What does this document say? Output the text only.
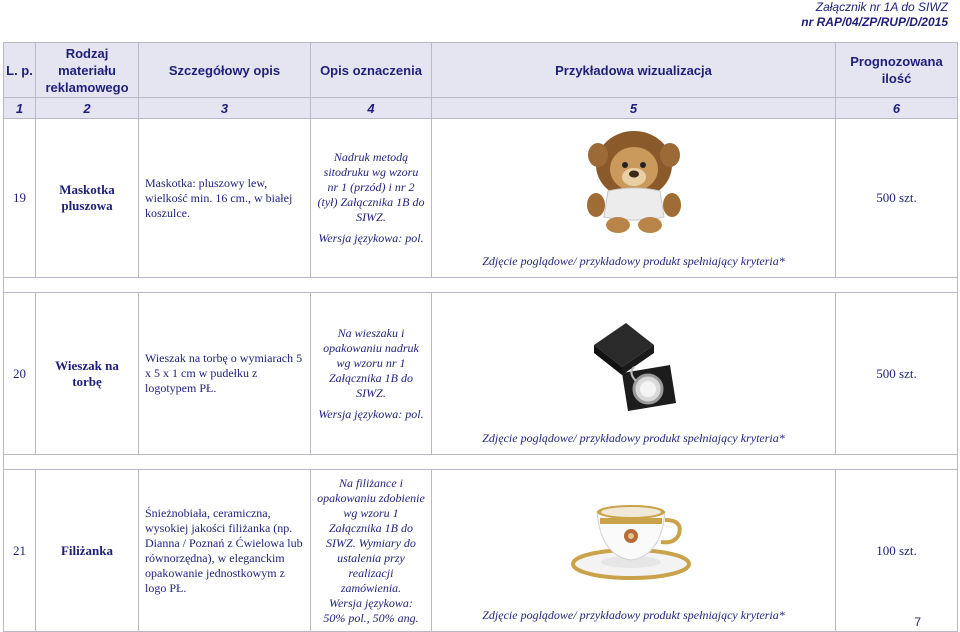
Załącznik nr 1A do SIWZ
nr RAP/04/ZP/RUP/D/2015
L. p.	Rodzaj materiału reklamowego	Szczegółowy opis	Opis oznaczenia	Przykładowa wizualizacja	Prognozowana ilość
1	2	3	4	5	6
19	Maskotka pluszowa	Maskotka: pluszowy lew, wielkość min. 16 cm., w białej koszulce.	Nadruk metodą sitodruku wg wzoru nr 1 (przód) i nr 2 (tył) Załącznika 1B do SIWZ.
Wersja językowa: pol.	Zdjęcie poglądowe/ przykładowy produkt spełniający kryteria*	500 szt.

20	Wieszak na torbę	Wieszak na torbę o wymiarach 5 x 5 x 1 cm w pudełku z logotypem PŁ.	Na wieszaku i opakowaniu nadruk wg wzoru nr 1 Załącznika 1B do SIWZ.
Wersja językowa: pol.	Zdjęcie poglądowe/ przykładowy produkt spełniający kryteria*	500 szt.

21	Filiżanka	Śnieżnobiała, ceramiczna, wysokiej jakości filiżanka (np. Dianna / Poznań z Ćwielowa lub równorzędna), w eleganckim opakowanie jednostkowym z logo PŁ.	Na filiżance i opakowaniu zdobienie wg wzoru 1 Załącznika 1B do SIWZ. Wymiary do ustalenia przy realizacji zamówienia.
Wersja językowa: 50% pol., 50% ang.	Zdjęcie poglądowe/ przykładowy produkt spełniający kryteria*	100 szt.
7
